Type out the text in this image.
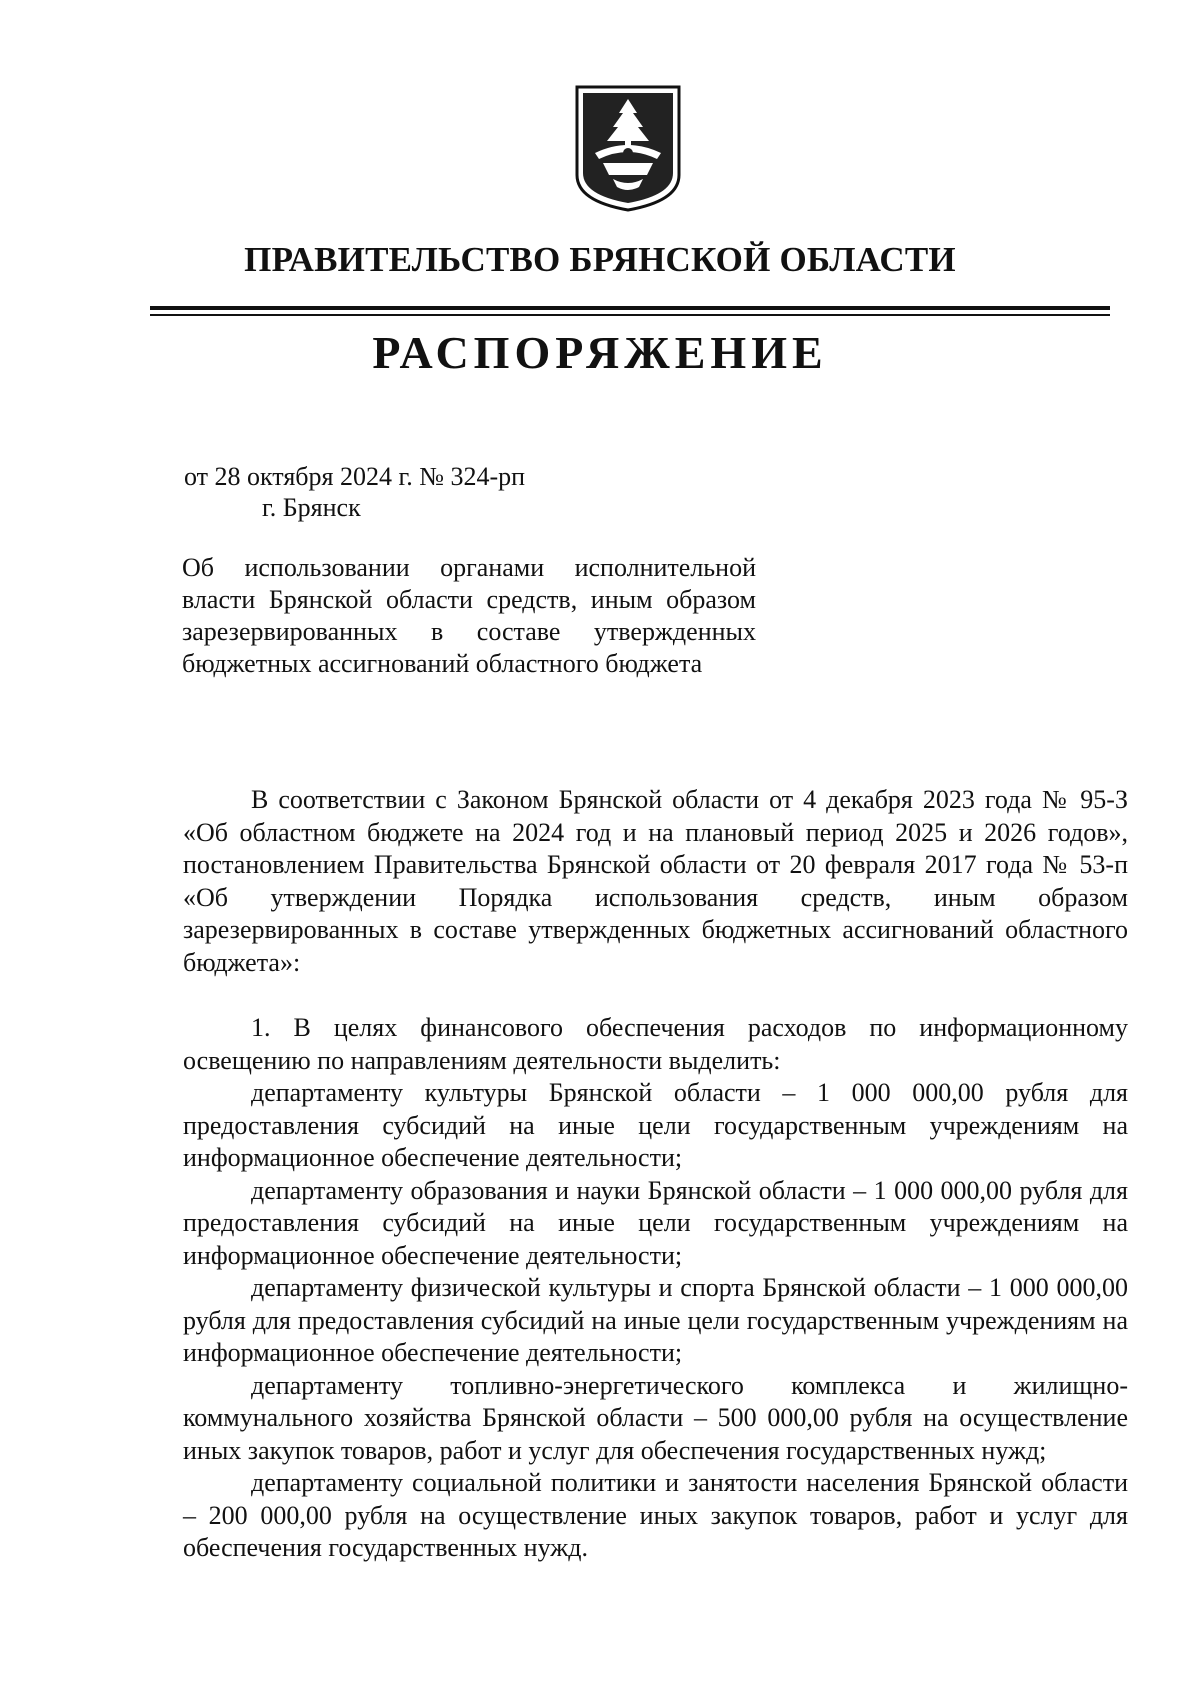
ПРАВИТЕЛЬСТВО БРЯНСКОЙ ОБЛАСТИ
РАСПОРЯЖЕНИЕ
от 28 октября 2024 г. № 324-рп
г. Брянск
Об использовании органами исполнительной власти Брянской области средств, иным образом зарезервированных в составе утвержденных бюджетных ассигнований областного бюджета

В соответствии с Законом Брянской области от 4 декабря 2023 года № 95-З «Об областном бюджете на 2024 год и на плановый период 2025 и 2026 годов», постановлением Правительства Брянской области от 20 февраля 2017 года № 53-п «Об утверждении Порядка использования средств, иным образом зарезервированных в составе утвержденных бюджетных ассигнований областного бюджета»:

1. В целях финансового обеспечения расходов по информационному освещению по направлениям деятельности выделить:

департаменту культуры Брянской области – 1 000 000,00 рубля для предоставления субсидий на иные цели государственным учреждениям на информационное обеспечение деятельности;

департаменту образования и науки Брянской области – 1 000 000,00 рубля для предоставления субсидий на иные цели государственным учреждениям на информационное обеспечение деятельности;

департаменту физической культуры и спорта Брянской области – 1 000 000,00 рубля для предоставления субсидий на иные цели государственным учреждениям на информационное обеспечение деятельности;

департаменту топливно-энергетического комплекса и жилищно-коммунального хозяйства Брянской области – 500 000,00 рубля на осуществление иных закупок товаров, работ и услуг для обеспечения государственных нужд;

департаменту социальной политики и занятости населения Брянской области – 200 000,00 рубля на осуществление иных закупок товаров, работ и услуг для обеспечения государственных нужд.
